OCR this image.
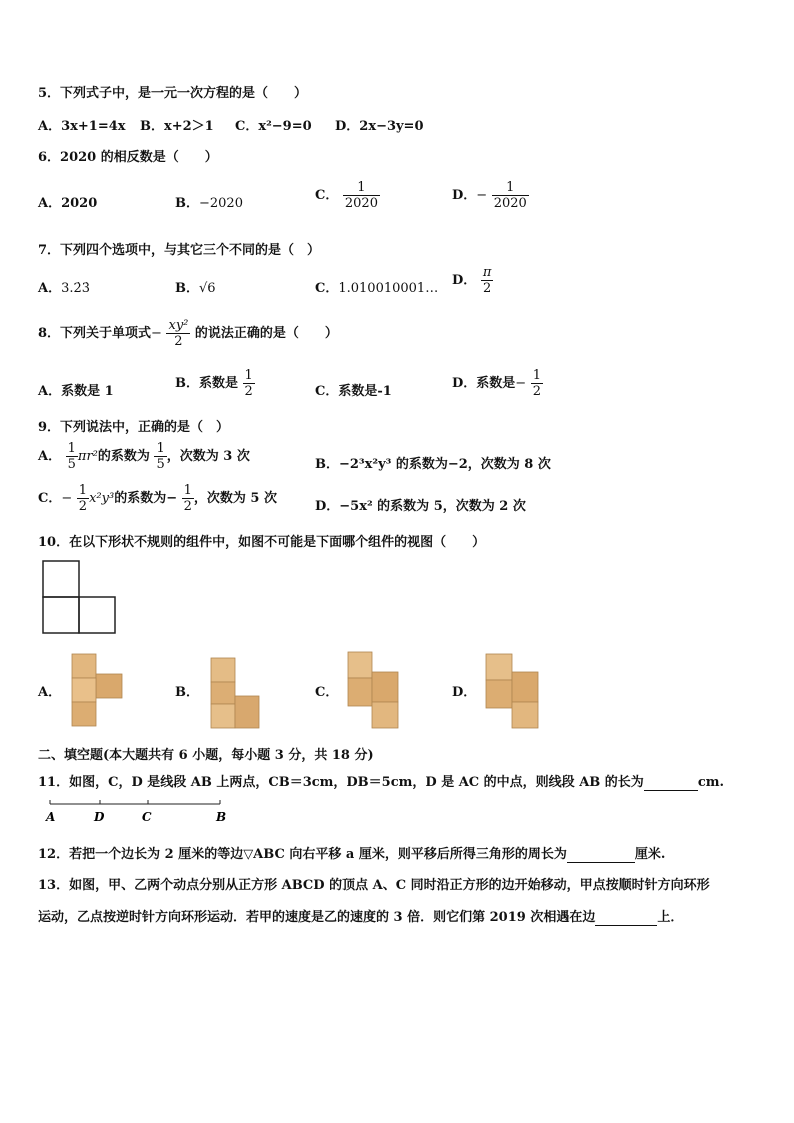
5．下列式子中，是一元一次方程的是（　　）
A．3x+1=4x B．x+2＞1 C．x²−9=0 D．2x−3y=0
6．2020 的相反数是（　　）
A．2020	B．−2020
C． $\frac{1}{2020}$	D．− $\frac{1}{2020}$
7．下列四个选项中，与其它三个不同的是（　）
A．3.2̇3̇	B．√6	C．1.010010001…
D． $\frac{\pi}{2}$
8．下列关于单项式− $\frac{\text{xy²}}{2}$ 的说法正确的是（　　）
A．系数是 1
B．系数是 $\frac{1}{2}$	C．系数是-1
D．系数是− $\frac{1}{2}$
9．下列说法中，正确的是（　）
A． $\frac{1}{5} \pi r^2$的系数为 $\frac{1}{5}$ ，次数为 3 次
B．−2³x²y³ 的系数为−2，次数为 8 次
C．− $\frac{1}{2} x^2y^3$的系数为− $\frac{1}{2}$ ，次数为 5 次
D．−5x² 的系数为 5，次数为 2 次
10．在以下形状不规则的组件中，如图不可能是下面哪个组件的视图（　　）
A．	B．	C．	D．
二、填空题(本大题共有 6 小题，每小题 3 分，共 18 分)
11．如图，C，D 是线段 AB 上两点，CB＝3cm，DB＝5cm，D 是 AC 的中点，则线段 AB 的长为	cm.
A	D	C	B
12．若把一个边长为 2 厘米的等边▽ABC 向右平移 a 厘米，则平移后所得三角形的周长为	厘米.
13．如图，甲、乙两个动点分别从正方形 ABCD 的顶点 A、C 同时沿正方形的边开始移动，甲点按顺时针方向环形
运动，乙点按逆时针方向环形运动．若甲的速度是乙的速度的 3 倍．则它们第 2019 次相遇在边	上．
